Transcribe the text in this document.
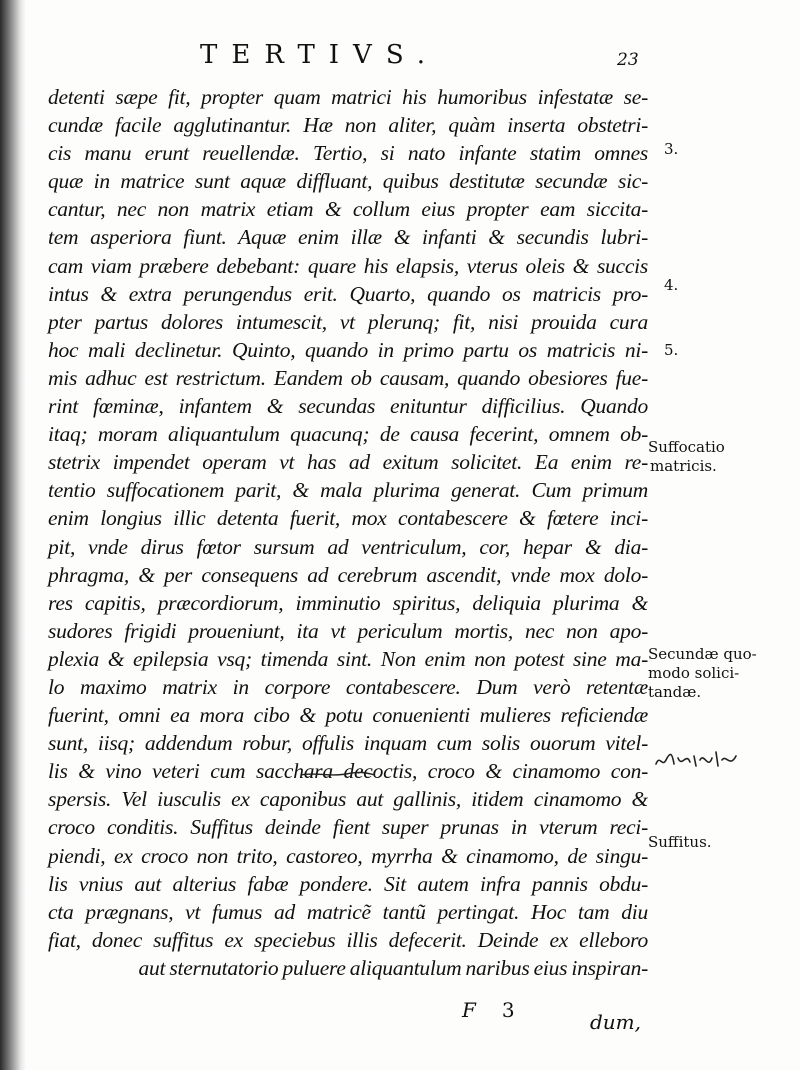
TERTIVS.	23
detenti sæpe fit, propter quam matrici his humoribus infestatæ se-
cundæ facile agglutinantur. Hæ non aliter, quàm inserta obstetri-
cis manu erunt reuellendæ. Tertio, si nato infante statim omnes
quæ in matrice sunt aquæ diffluant, quibus destitutæ secundæ sic-
cantur, nec non matrix etiam & collum eius propter eam siccita-
tem asperiora fiunt. Aquæ enim illæ & infanti & secundis lubri-
cam viam præbere debebant: quare his elapsis, vterus oleis & succis
intus & extra perungendus erit. Quarto, quando os matricis pro-
pter partus dolores intumescit, vt plerunq; fit, nisi prouida cura
hoc mali declinetur. Quinto, quando in primo partu os matricis ni-
mis adhuc est restrictum. Eandem ob causam, quando obesiores fue-
rint fœminæ, infantem & secundas enituntur difficilius. Quando
itaq; moram aliquantulum quacunq; de causa fecerint, omnem ob-
stetrix impendet operam vt has ad exitum solicitet. Ea enim re-
tentio suffocationem parit, & mala plurima generat. Cum primum
enim longius illic detenta fuerit, mox contabescere & fœtere inci-
pit, vnde dirus fœtor sursum ad ventriculum, cor, hepar & dia-
phragma, & per consequens ad cerebrum ascendit, vnde mox dolo-
res capitis, præcordiorum, imminutio spiritus, deliquia plurima &
sudores frigidi proueniunt, ita vt periculum mortis, nec non apo-
plexia & epilepsia vsq; timenda sint. Non enim non potest sine ma-
lo maximo matrix in corpore contabescere. Dum verò retentæ
fuerint, omni ea mora cibo & potu conuenienti mulieres reficiendæ
sunt, iisq; addendum robur, offulis inquam cum solis ouorum vitel-
lis & vino veteri cum sacchara decoctis, croco & cinamomo con-
spersis. Vel iusculis ex caponibus aut gallinis, itidem cinamomo &
croco conditis. Suffitus deinde fient super prunas in vterum reci-
piendi, ex croco non trito, castoreo, myrrha & cinamomo, de singu-
lis vnius aut alterius fabæ pondere. Sit autem infra pannis obdu-
cta prægnans, vt fumus ad matricẽ tantũ pertingat. Hoc tam diu
fiat, donec suffitus ex speciebus illis defecerit. Deinde ex elleboro
aut sternutatorio puluere aliquantulum naribus eius inspiran-
3.
4.
5.
Suffocatio
matricis.
Secundæ quo-
modo solici-
tandæ.
Suffitus.
F 3	dum,
